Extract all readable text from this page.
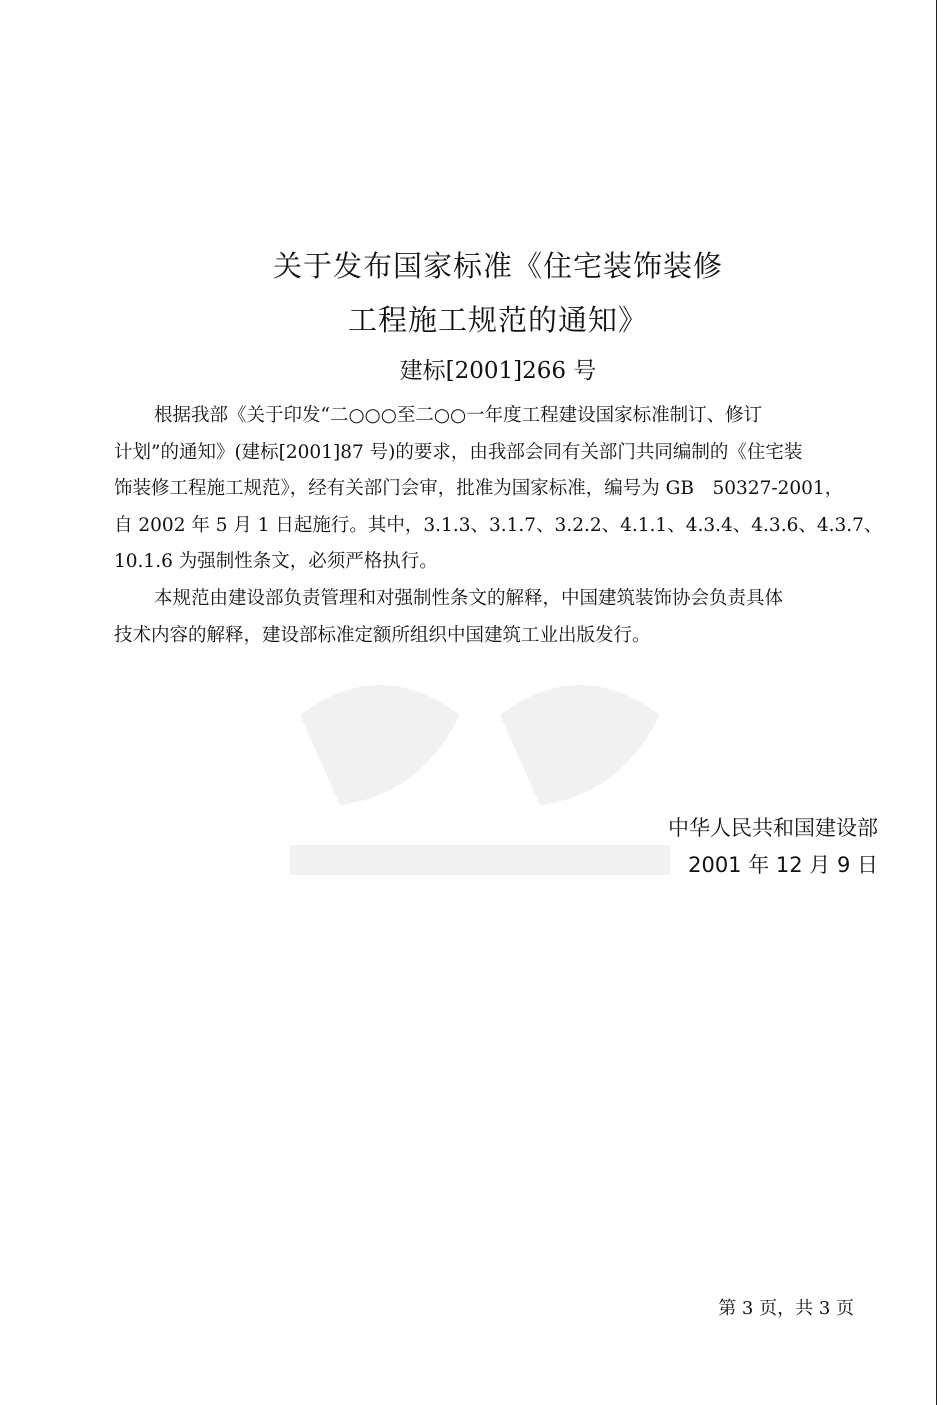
关于发布国家标准《住宅装饰装修
工程施工规范的通知》
建标[2001]266 号

根据我部《关于印发“二○○○至二○○一年度工程建设国家标准制订、修订
计划”的通知》(建标[2001]87 号)的要求，由我部会同有关部门共同编制的《住宅装
饰装修工程施工规范》，经有关部门会审，批准为国家标准，编号为 GB　50327-2001，
自 2002 年 5 月 1 日起施行。其中，3.1.3、3.1.7、3.2.2、4.1.1、4.3.4、4.3.6、4.3.7、
10.1.6 为强制性条文，必须严格执行。

本规范由建设部负责管理和对强制性条文的解释，中国建筑装饰协会负责具体
技术内容的解释，建设部标准定额所组织中国建筑工业出版发行。

中华人民共和国建设部
2001 年 12 月 9 日
第 3 页，共 3 页
